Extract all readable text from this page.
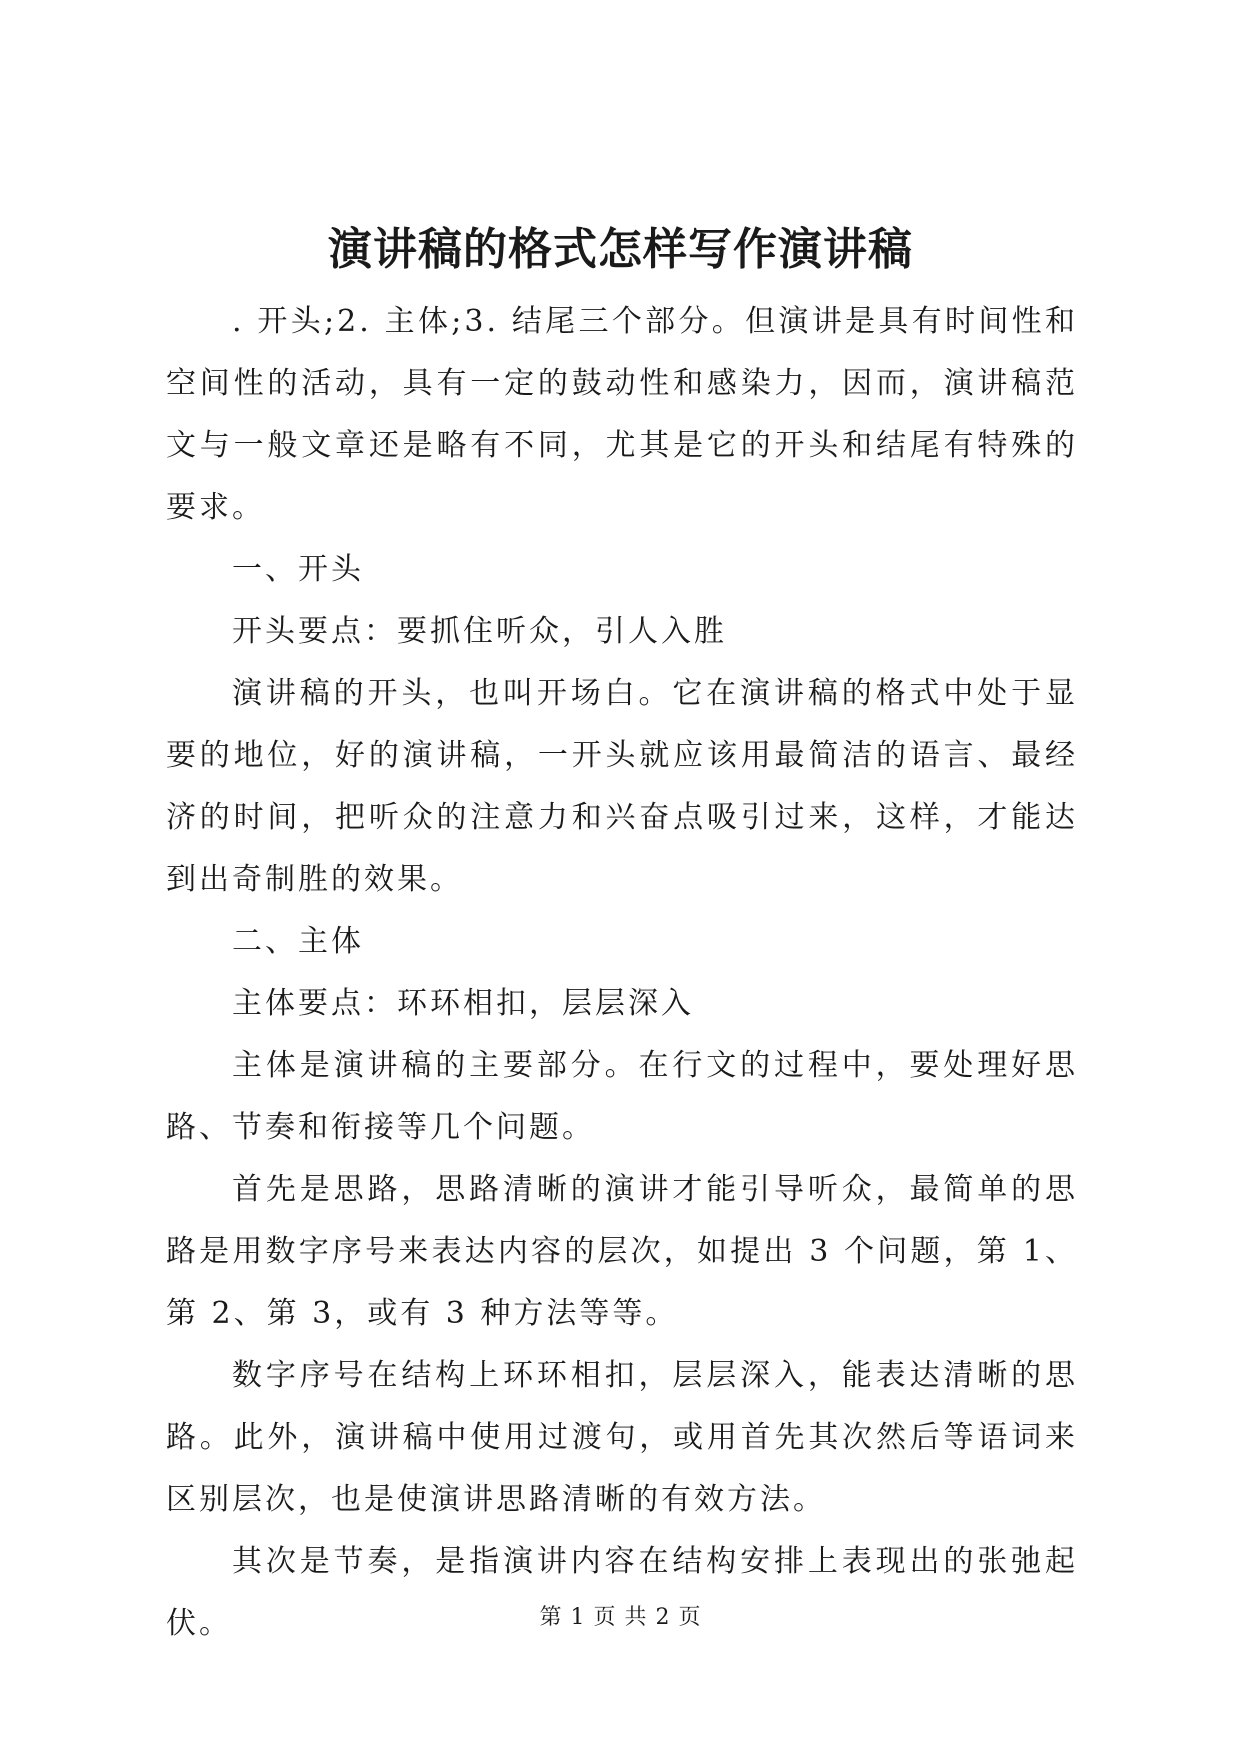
演讲稿的格式怎样写作演讲稿

. 开头;2. 主体;3. 结尾三个部分。但演讲是具有时间性和空间性的活动，具有一定的鼓动性和感染力，因而，演讲稿范文与一般文章还是略有不同，尤其是它的开头和结尾有特殊的要求。

一、开头

开头要点：要抓住听众，引人入胜

演讲稿的开头，也叫开场白。它在演讲稿的格式中处于显要的地位，好的演讲稿，一开头就应该用最简洁的语言、最经济的时间，把听众的注意力和兴奋点吸引过来，这样，才能达到出奇制胜的效果。

二、主体

主体要点：环环相扣，层层深入

主体是演讲稿的主要部分。在行文的过程中，要处理好思路、节奏和衔接等几个问题。

首先是思路，思路清晰的演讲才能引导听众，最简单的思路是用数字序号来表达内容的层次，如提出 3 个问题，第 1、第 2、第 3，或有 3 种方法等等。

数字序号在结构上环环相扣，层层深入，能表达清晰的思路。此外，演讲稿中使用过渡句，或用首先其次然后等语词来区别层次，也是使演讲思路清晰的有效方法。

其次是节奏，是指演讲内容在结构安排上表现出的张弛起伏。	第 1 页 共 2 页
